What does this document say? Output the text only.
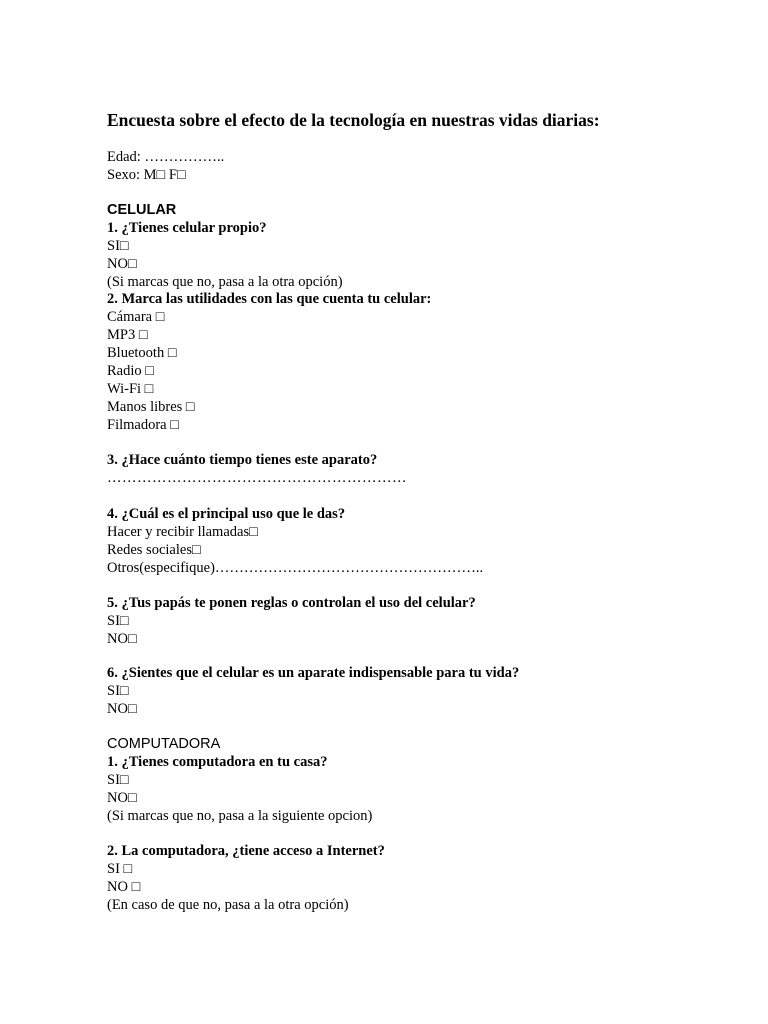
Encuesta sobre el efecto de la tecnología en nuestras vidas diarias:
Edad: ……………..
Sexo: M□ F□
CELULAR
1. ¿Tienes celular propio?
SI□
NO□
(Si marcas que no, pasa a la otra opción)
2. Marca las utilidades con las que cuenta tu celular:
Cámara □
MP3 □
Bluetooth □
Radio □
Wi-Fi □
Manos libres □
Filmadora □
3. ¿Hace cuánto tiempo tienes este aparato?
……………………………………………………
4. ¿Cuál es el principal uso que le das?
Hacer y recibir llamadas□
Redes sociales□
Otros(especifique)………………………………………………..
5. ¿Tus papás te ponen reglas o controlan el uso del celular?
SI□
NO□
6. ¿Sientes que el celular es un aparate indispensable para tu vida?
SI□
NO□
COMPUTADORA
1. ¿Tienes computadora en tu casa?
SI□
NO□
(Si marcas que no, pasa a la siguiente opcion)
2. La computadora, ¿tiene acceso a Internet?
SI □
NO □
(En caso de que no, pasa a la otra opción)
